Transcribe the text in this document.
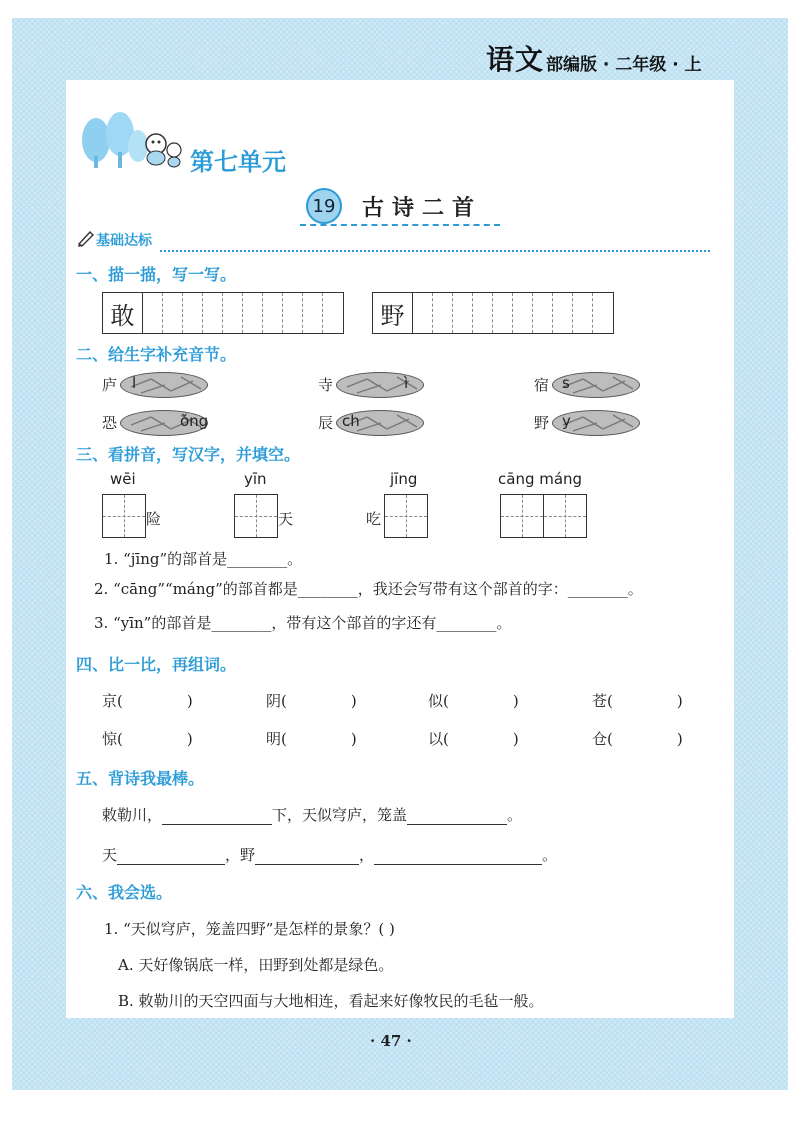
语文 部编版 · 二年级 · 上
第七单元
19 古诗二首
基础达标
一、描一描，写一写。
敢	野
二、给生字补充音节。
庐 l	寺	ì	宿 s
恐	ǒng	辰 ch	野 y
三、看拼音，写汉字，并填空。
wēi	yīn	jīng	cāng máng
险	天	吃
1. “jīng”的部首是________。
2. “cāng”“máng”的部首都是________，我还会写带有这个部首的字：________。
3. “yīn”的部首是________，带有这个部首的字还有________。
四、比一比，再组词。
京(	)	阴(	)	似(	)	苍(	)
惊(	)	明(	)	以(	)	仓(	)
五、背诗我最棒。
敕勒川，	下，天似穹庐，笼盖	。
天	，野	，	。
六、我会选。
1. “天似穹庐，笼盖四野”是怎样的景象？( )
A. 天好像锅底一样，田野到处都是绿色。
B. 敕勒川的天空四面与大地相连，看起来好像牧民的毛毡一般。
· 47 ·
